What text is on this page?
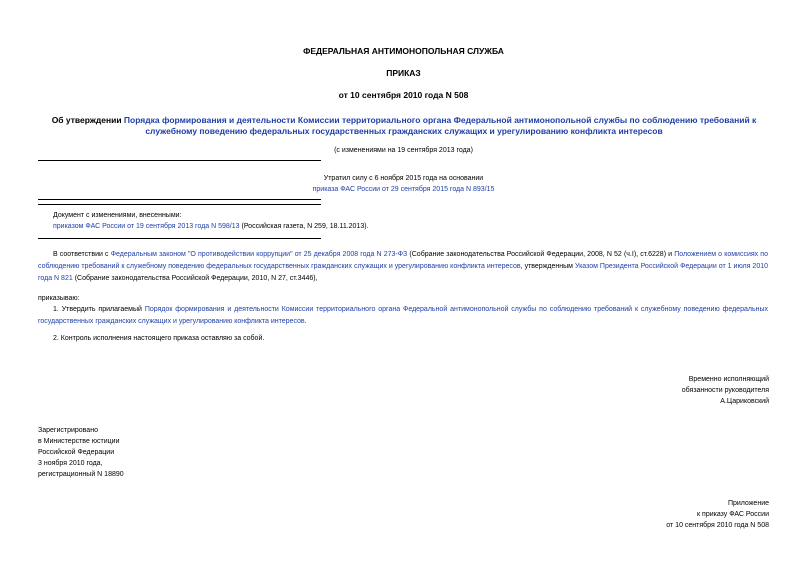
ФЕДЕРАЛЬНАЯ АНТИМОНОПОЛЬНАЯ СЛУЖБА
ПРИКАЗ
от 10 сентября 2010 года N 508
Об утверждении Порядка формирования и деятельности Комиссии территориального органа Федеральной антимонопольной службы по соблюдению требований к служебному поведению федеральных государственных гражданских служащих и урегулированию конфликта интересов
(с изменениями на 19 сентября 2013 года)
Утратил силу с 6 ноября 2015 года на основании
приказа ФАС России от 29 сентября 2015 года N 893/15
Документ с изменениями, внесенными:
приказом ФАС России от 19 сентября 2013 года N 598/13 (Российская газета, N 259, 18.11.2013).
В соответствии с Федеральным законом "О противодействии коррупции" от 25 декабря 2008 года N 273-ФЗ (Собрание законодательства Российской Федерации, 2008, N 52 (ч.I), ст.6228) и Положением о комиссиях по соблюдению требований к служебному поведению федеральных государственных гражданских служащих и урегулированию конфликта интересов, утвержденным Указом Президента Российской Федерации от 1 июля 2010 года N 821 (Собрание законодательства Российской Федерации, 2010, N 27, ст.3446),
приказываю:
1. Утвердить прилагаемый Порядок формирования и деятельности Комиссии территориального органа Федеральной антимонопольной службы по соблюдению требований к служебному поведению федеральных государственных гражданских служащих и урегулированию конфликта интересов.
2. Контроль исполнения настоящего приказа оставляю за собой.
Временно исполняющий
обязанности руководителя
А.Цариковский
Зарегистрировано
в Министерстве юстиции
Российской Федерации
3 ноября 2010 года,
регистрационный N 18890
Приложение
к приказу ФАС России
от 10 сентября 2010 года N 508
